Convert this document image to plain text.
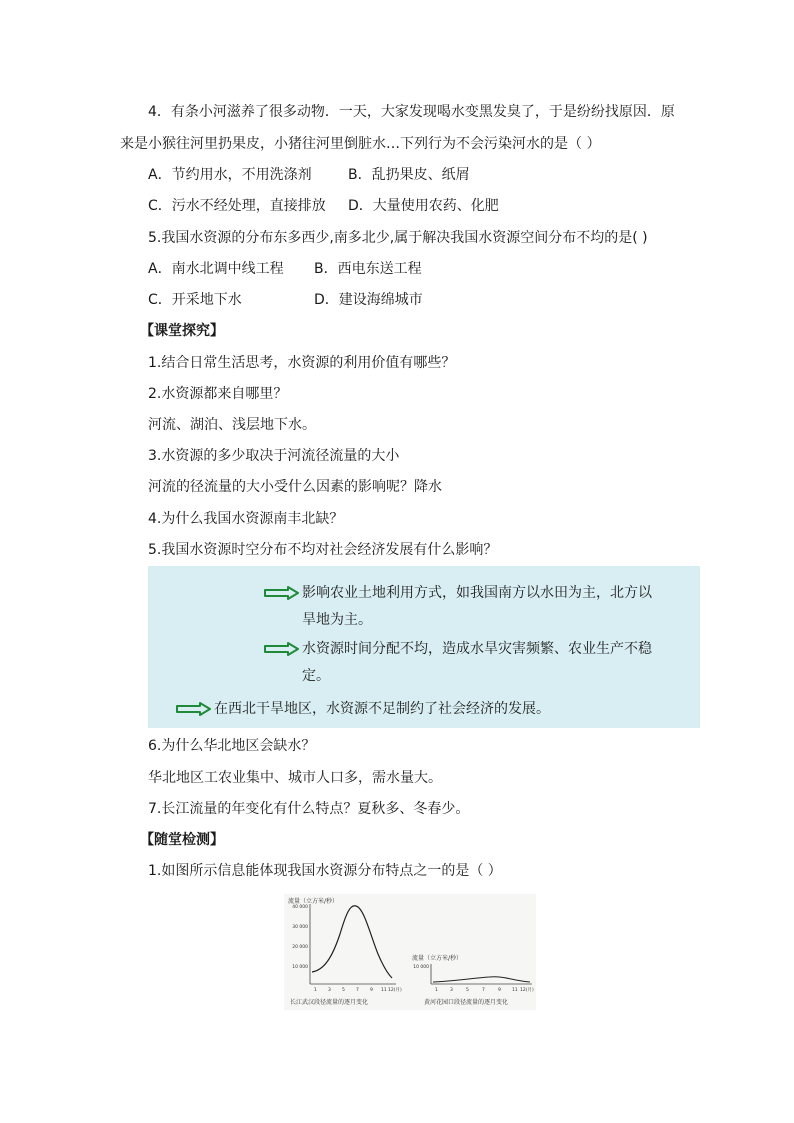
4．有条小河滋养了很多动物．一天，大家发现喝水变黑发臭了，于是纷纷找原因．原
来是小猴往河里扔果皮，小猪往河里倒脏水…下列行为不会污染河水的是（ ）
A．节约用水，不用洗涤剂	B．乱扔果皮、纸屑
C．污水不经处理，直接排放 D．大量使用农药、化肥
5.我国水资源的分布东多西少,南多北少,属于解决我国水资源空间分布不均的是( )
A．南水北调中线工程 B．西电东送工程
C．开采地下水	D．建设海绵城市
【课堂探究】
1.结合日常生活思考，水资源的利用价值有哪些？
2.水资源都来自哪里？
河流、湖泊、浅层地下水。
3.水资源的多少取决于河流径流量的大小
河流的径流量的大小受什么因素的影响呢？降水
4.为什么我国水资源南丰北缺？
5.我国水资源时空分布不均对社会经济发展有什么影响？
影响农业土地利用方式，如我国南方以水田为主，北方以
旱地为主。
水资源时间分配不均，造成水旱灾害频繁、农业生产不稳
定。
在西北干旱地区，水资源不足制约了社会经济的发展。
6.为什么华北地区会缺水？
华北地区工农业集中、城市人口多，需水量大。
7.长江流量的年变化有什么特点？夏秋多、冬春少。
【随堂检测】
1.如图所示信息能体现我国水资源分布特点之一的是（ ）
流量（立方米/秒）
40 000
30 000
20 000
10 000
1 3 5 7 9 11 12(月)
长江武汉段径流量的逐月变化
流量（立方米/秒）
10 000
1	3	5	7	9 11 12(月)
黄河花园口段径流量的逐月变化
